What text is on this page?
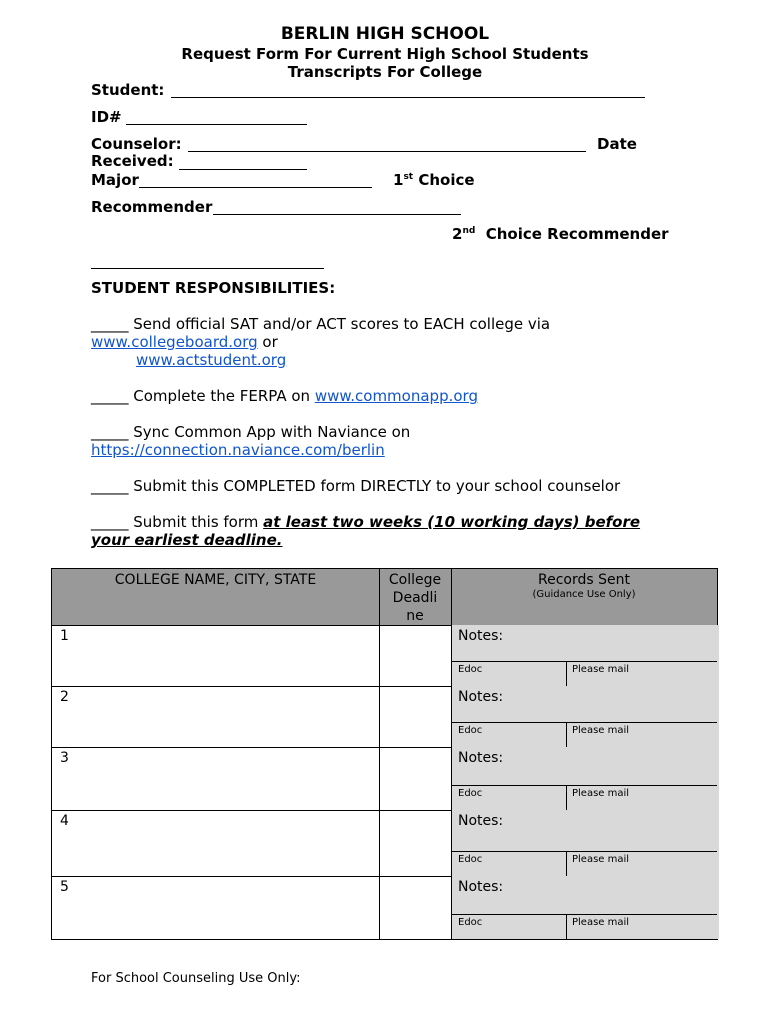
BERLIN HIGH SCHOOL
Request Form For Current High School Students
Transcripts For College
Student:
ID#
Counselor:	Date
Received:
Major	1st Choice
Recommender
2nd Choice Recommender
STUDENT RESPONSIBILITIES:
_____ Send official SAT and/or ACT scores to EACH college via
www.collegeboard.org or
www.actstudent.org
_____ Complete the FERPA on www.commonapp.org
_____ Sync Common App with Naviance on
https://connection.naviance.com/berlin
_____ Submit this COMPLETED form DIRECTLY to your school counselor
_____ Submit this form at least two weeks (10 working days) before
your earliest deadline.
COLLEGE NAME, CITY, STATE	College Deadli ne
Records Sent
(Guidance Use Only)
1	Notes:
Edoc	Please mail
2	Notes:
Edoc	Please mail
3	Notes:
Edoc	Please mail
4	Notes:
Edoc	Please mail
5	Notes:
Edoc	Please mail
For School Counseling Use Only:
